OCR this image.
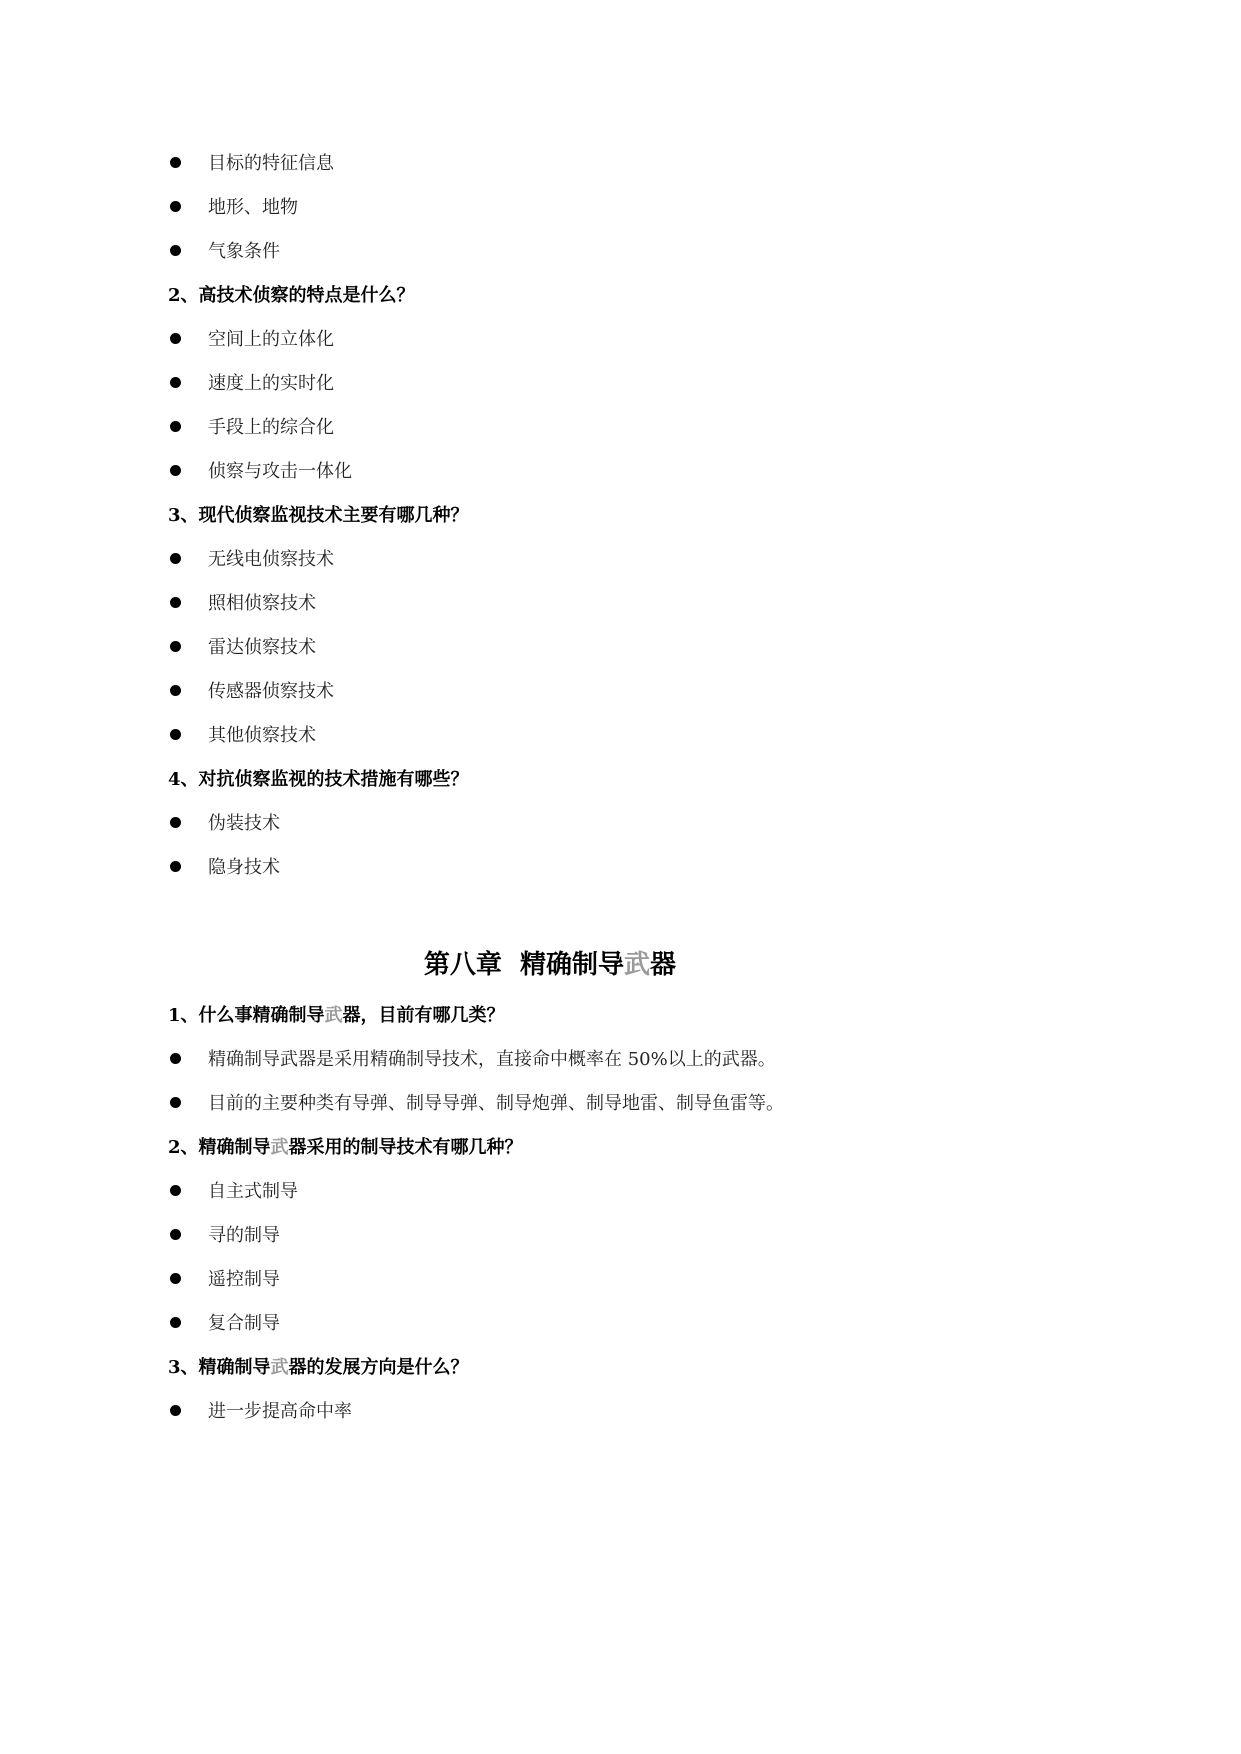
目标的特征信息
地形、地物
气象条件
2、高技术侦察的特点是什么？
空间上的立体化
速度上的实时化
手段上的综合化
侦察与攻击一体化
3、现代侦察监视技术主要有哪几种？
无线电侦察技术
照相侦察技术
雷达侦察技术
传感器侦察技术
其他侦察技术
4、对抗侦察监视的技术措施有哪些？
伪装技术
隐身技术
第八章  精确制导 武 器
1、什么事精确制导 武 器，目前有哪几类？
精确制导武器是采用精确制导技术，直接命中概率在 50%以上的武器。
目前的主要种类有导弹、制导导弹、制导炮弹、制导地雷、制导鱼雷等。
2、精确制导 武 器采用的制导技术有哪几种？
自主式制导
寻的制导
遥控制导
复合制导
3、精确制导 武 器的发展方向是什么？
进一步提高命中率
